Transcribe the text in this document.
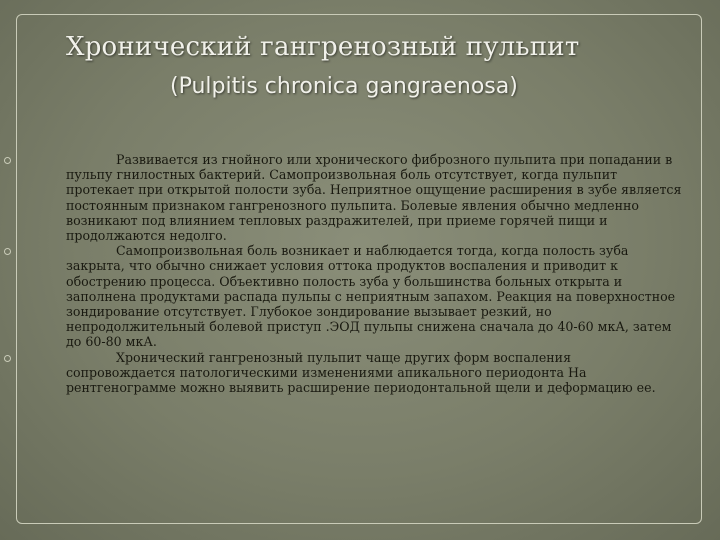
Хронический гангренозный пульпит
(Pulpitis chronica gangraenosa)

Развивается из гнойного или хронического фиброзного пульпита при попадании в пульпу гнилостных бактерий. Самопроизвольная боль отсутствует, когда пульпит протекает при открытой полости зуба. Неприятное ощущение расширения в зубе является постоянным признаком гангренозного пульпита. Болевые явления обычно медленно возникают под влиянием тепловых раздражителей, при приеме горячей пищи и продолжаются недолго.

Самопроизвольная боль возникает и наблюдается тогда, когда полость зуба закрыта, что обычно снижает условия оттока продуктов воспаления и приводит к обострению процесса. Объективно полость зуба у большинства больных открыта и заполнена продуктами распада пульпы с неприятным запахом. Реакция на поверхностное зондирование отсутствует. Глубокое зондирование вызывает резкий, но непродолжительный болевой приступ .ЭОД пульпы снижена сначала до 40-60 мкА, затем до 60-80 мкА.

Хронический гангренозный пульпит чаще других форм воспаления сопровождается патологическими изменениями апикального периодонта На рентгенограмме можно выявить расширение периодонтальной щели и деформацию ее.
